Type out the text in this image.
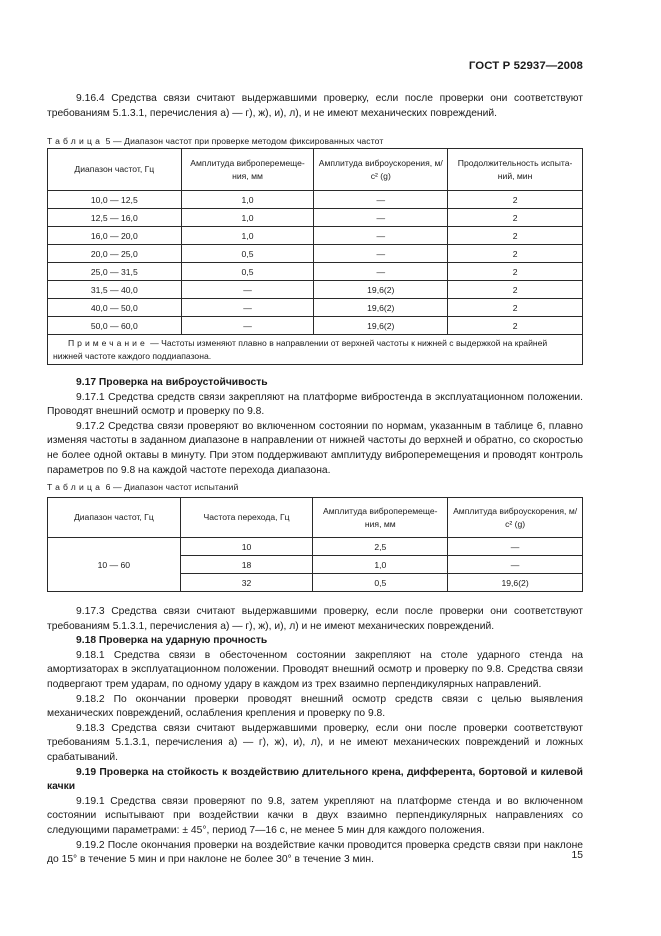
ГОСТ Р 52937—2008

9.16.4 Средства связи считают выдержавшими проверку, если после проверки они соответствуют требованиям 5.1.3.1, перечисления а) — г), ж), и), л), и не имеют механических повреждений.

Таблица 5 — Диапазон частот при проверке методом фиксированных частот
Диапазон частот, Гц	Амплитуда виброперемеще-ния, мм	Амплитуда виброускорения, м/с² (g)	Продолжительность испыта-ний, мин
10,0 — 12,5	1,0	—	2
12,5 — 16,0	1,0	—	2
16,0 — 20,0	1,0	—	2
20,0 — 25,0	0,5	—	2
25,0 — 31,5	0,5	—	2
31,5 — 40,0	—	19,6(2)	2
40,0 — 50,0	—	19,6(2)	2
50,0 — 60,0	—	19,6(2)	2
Примечание — Частоты изменяют плавно в направлении от верхней частоты к нижней с выдержкой на крайней нижней частоте каждого поддиапазона.			

9.17 Проверка на виброустойчивость

9.17.1 Средства средств связи закрепляют на платформе вибростенда в эксплуатационном положении. Проводят внешний осмотр и проверку по 9.8.

9.17.2 Средства связи проверяют во включенном состоянии по нормам, указанным в таблице 6, плавно изменяя частоты в заданном диапазоне в направлении от нижней частоты до верхней и обратно, со скоростью не более одной октавы в минуту. При этом поддерживают амплитуду виброперемещения и проводят контроль параметров по 9.8 на каждой частоте перехода диапазона.

Таблица 6 — Диапазон частот испытаний
Диапазон частот, Гц	Частота перехода, Гц	Амплитуда виброперемеще-ния, мм	Амплитуда виброускорения, м/с² (g)
10 — 60	10	2,5	—
	18	1,0	—
	32	0,5	19,6(2)

9.17.3 Средства связи считают выдержавшими проверку, если после проверки они соответствуют требованиям 5.1.3.1, перечисления а) — г), ж), и), л) и не имеют механических повреждений.

9.18 Проверка на ударную прочность

9.18.1 Средства связи в обесточенном состоянии закрепляют на столе ударного стенда на амортизаторах в эксплуатационном положении. Проводят внешний осмотр и проверку по 9.8. Средства связи подвергают трем ударам, по одному удару в каждом из трех взаимно перпендикулярных направлений.

9.18.2 По окончании проверки проводят внешний осмотр средств связи с целью выявления механических повреждений, ослабления крепления и проверку по 9.8.

9.18.3 Средства связи считают выдержавшими проверку, если они после проверки соответствуют требованиям 5.1.3.1, перечисления а) — г), ж), и), л), и не имеют механических повреждений и ложных срабатываний.

9.19 Проверка на стойкость к воздействию длительного крена, дифферента, бортовой и килевой качки

9.19.1 Средства связи проверяют по 9.8, затем укрепляют на платформе стенда и во включенном состоянии испытывают при воздействии качки в двух взаимно перпендикулярных направлениях со следующими параметрами: ± 45°, период 7—16 с, не менее 5 мин для каждого положения.

9.19.2 После окончания проверки на воздействие качки проводится проверка средств связи при наклоне до 15° в течение 5 мин и при наклоне не более 30° в течение 3 мин.	15
